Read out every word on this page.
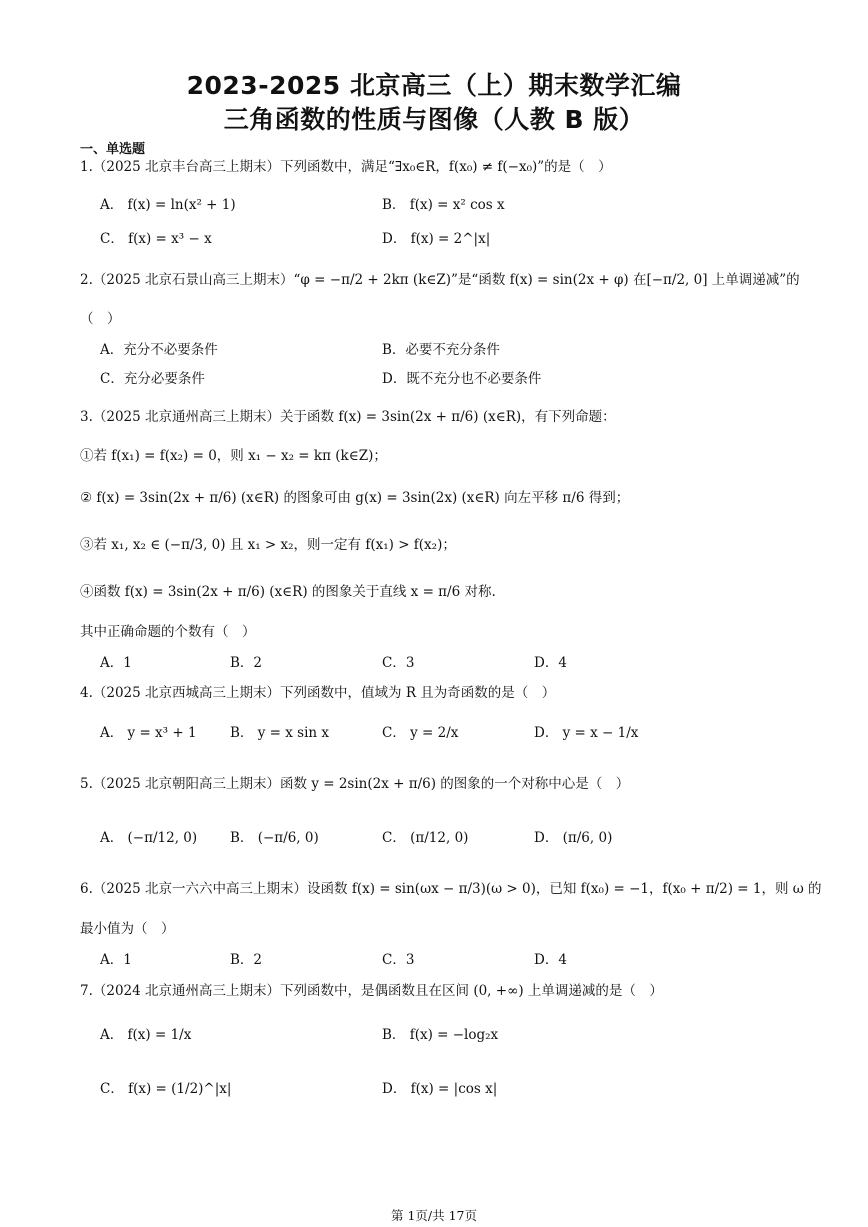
2023-2025 北京高三（上）期末数学汇编
三角函数的性质与图像（人教 B 版）
一、单选题
1.（2025 北京丰台高三上期末）下列函数中，满足“∃x₀∈R，f(x₀) ≠ f(−x₀)”的是（　）
A． f(x) = ln(x² + 1)	B． f(x) = x² cos x
C． f(x) = x³ − x	D． f(x) = 2^|x|
2.（2025 北京石景山高三上期末）“φ = −π/2 + 2kπ (k∈Z)”是“函数 f(x) = sin(2x + φ) 在[−π/2, 0] 上单调递减”的
（　）
A．充分不必要条件	B．必要不充分条件
C．充分必要条件	D．既不充分也不必要条件
3.（2025 北京通州高三上期末）关于函数 f(x) = 3sin(2x + π/6) (x∈R)，有下列命题：
①若 f(x₁) = f(x₂) = 0，则 x₁ − x₂ = kπ (k∈Z)；
② f(x) = 3sin(2x + π/6) (x∈R) 的图象可由 g(x) = 3sin(2x) (x∈R) 向左平移 π/6 得到；
③若 x₁, x₂ ∈ (−π/3, 0) 且 x₁ > x₂，则一定有 f(x₁) > f(x₂)；
④函数 f(x) = 3sin(2x + π/6) (x∈R) 的图象关于直线 x = π/6 对称.
其中正确命题的个数有（　）
A．1	B．2	C．3	D．4
4.（2025 北京西城高三上期末）下列函数中，值域为 R 且为奇函数的是（　）
A． y = x³ + 1 B． y = x sin x	C． y = 2/x	D． y = x − 1/x
5.（2025 北京朝阳高三上期末）函数 y = 2sin(2x + π/6) 的图象的一个对称中心是（　）
A． (−π/12, 0) B． (−π/6, 0)	C． (π/12, 0)	D． (π/6, 0)
6.（2025 北京一六六中高三上期末）设函数 f(x) = sin(ωx − π/3)(ω > 0)，已知 f(x₀) = −1，f(x₀ + π/2) = 1，则 ω 的
最小值为（　）
A．1	B．2	C．3	D．4
7.（2024 北京通州高三上期末）下列函数中，是偶函数且在区间 (0, +∞) 上单调递减的是（　）
A． f(x) = 1/x	B． f(x) = −log₂x
C． f(x) = (1/2)^|x|	D． f(x) = |cos x|
第 1页/共 17页
